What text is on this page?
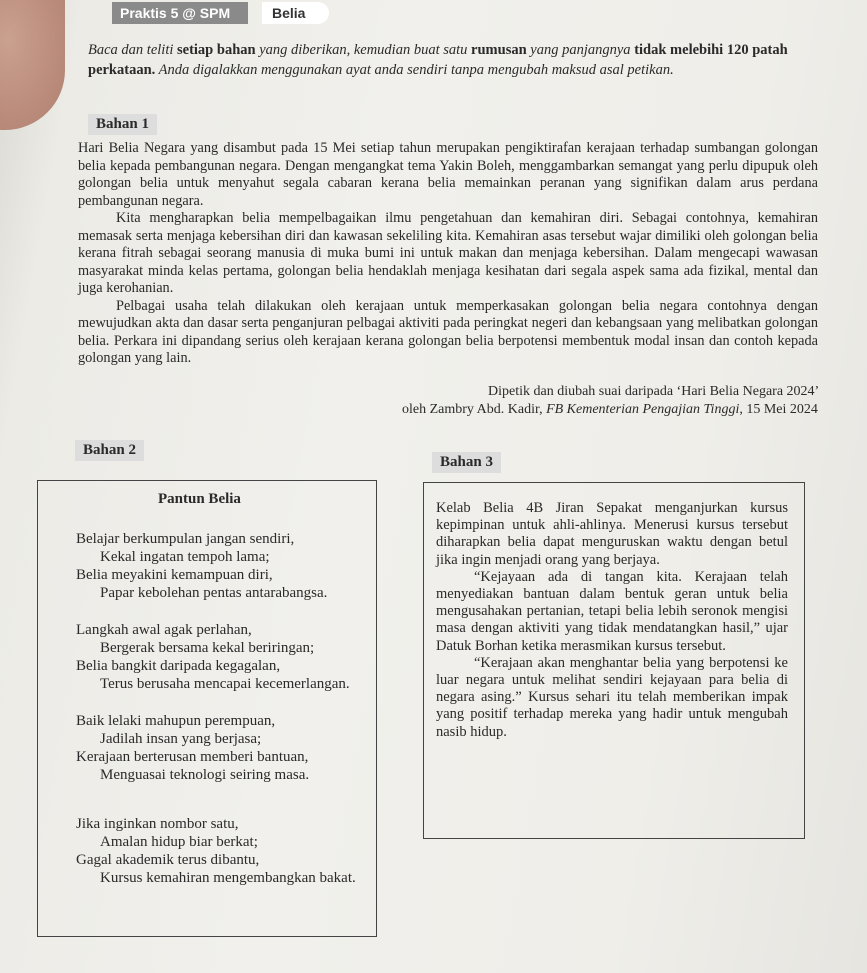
Praktis 5 @ SPM	Belia
Baca dan teliti setiap bahan yang diberikan, kemudian buat satu rumusan yang panjangnya tidak melebihi 120 patah perkataan. Anda digalakkan menggunakan ayat anda sendiri tanpa mengubah maksud asal petikan.
Bahan 1

Hari Belia Negara yang disambut pada 15 Mei setiap tahun merupakan pengiktirafan kerajaan terhadap sumbangan golongan belia kepada pembangunan negara. Dengan mengangkat tema Yakin Boleh, menggambarkan semangat yang perlu dipupuk oleh golongan belia untuk menyahut segala cabaran kerana belia memainkan peranan yang signifikan dalam arus perdana pembangunan negara.

Kita mengharapkan belia mempelbagaikan ilmu pengetahuan dan kemahiran diri. Sebagai contohnya, kemahiran memasak serta menjaga kebersihan diri dan kawasan sekeliling kita. Kemahiran asas tersebut wajar dimiliki oleh golongan belia kerana fitrah sebagai seorang manusia di muka bumi ini untuk makan dan menjaga kebersihan. Dalam mengecapi wawasan masyarakat minda kelas pertama, golongan belia hendaklah menjaga kesihatan dari segala aspek sama ada fizikal, mental dan juga kerohanian.

Pelbagai usaha telah dilakukan oleh kerajaan untuk memperkasakan golongan belia negara contohnya dengan mewujudkan akta dan dasar serta penganjuran pelbagai aktiviti pada peringkat negeri dan kebangsaan yang melibatkan golongan belia. Perkara ini dipandang serius oleh kerajaan kerana golongan belia berpotensi membentuk modal insan dan contoh kepada golongan yang lain.

Dipetik dan diubah suai daripada ‘Hari Belia Negara 2024’
oleh Zambry Abd. Kadir, FB Kementerian Pengajian Tinggi, 15 Mei 2024
Bahan 2
Bahan 3
Pantun Belia
Belajar berkumpulan jangan sendiri,
Kekal ingatan tempoh lama;
Belia meyakini kemampuan diri,
Papar kebolehan pentas antarabangsa.
Langkah awal agak perlahan,
Bergerak bersama kekal beriringan;
Belia bangkit daripada kegagalan,
Terus berusaha mencapai kecemerlangan.
Baik lelaki mahupun perempuan,
Jadilah insan yang berjasa;
Kerajaan berterusan memberi bantuan,
Menguasai teknologi seiring masa.
Jika inginkan nombor satu,
Amalan hidup biar berkat;
Gagal akademik terus dibantu,
Kursus kemahiran mengembangkan bakat.

Kelab Belia 4B Jiran Sepakat menganjurkan kursus kepimpinan untuk ahli-ahlinya. Menerusi kursus tersebut diharapkan belia dapat menguruskan waktu dengan betul jika ingin menjadi orang yang berjaya.

“Kejayaan ada di tangan kita. Kerajaan telah menyediakan bantuan dalam bentuk geran untuk belia mengusahakan pertanian, tetapi belia lebih seronok mengisi masa dengan aktiviti yang tidak mendatangkan hasil,” ujar Datuk Borhan ketika merasmikan kursus tersebut.

“Kerajaan akan menghantar belia yang berpotensi ke luar negara untuk melihat sendiri kejayaan para belia di negara asing.” Kursus sehari itu telah memberikan impak yang positif terhadap mereka yang hadir untuk mengubah nasib hidup.
